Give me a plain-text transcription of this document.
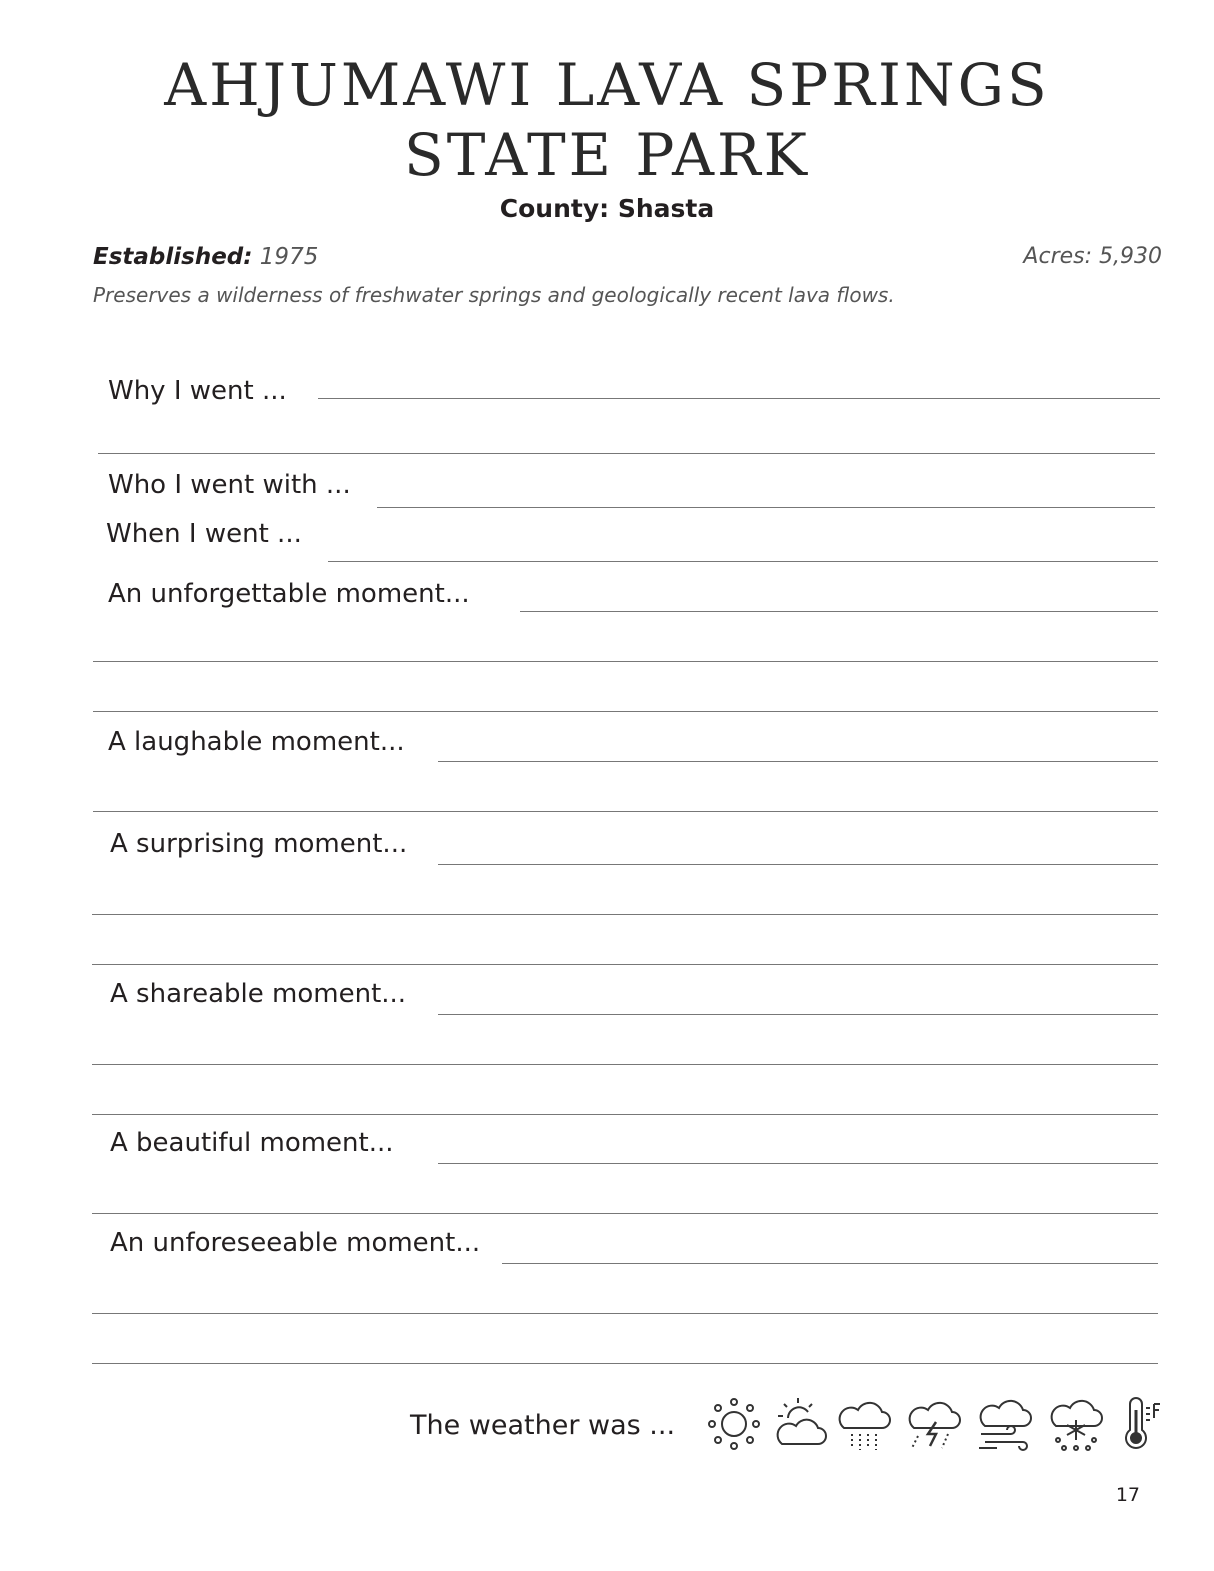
AHJUMAWI LAVA SPRINGS
STATE PARK
County: Shasta
Established: 1975	Acres: 5,930
Preserves a wilderness of freshwater springs and geologically recent lava flows.
Why I went ...
Who I went with ...
When I went ...
An unforgettable moment...
A laughable moment...
A surprising moment...
A shareable moment...
A beautiful moment...
An unforeseeable moment...
The weather was ...
17
